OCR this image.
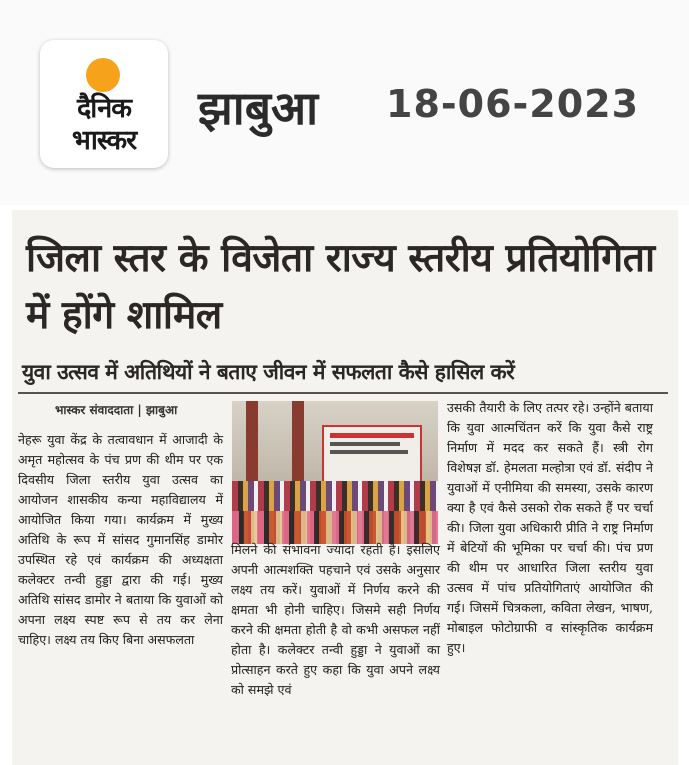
दैनिक
भास्कर
झाबुआ 18-06-2023
जिला स्तर के विजेता राज्य स्तरीय प्रतियोगिता में होंगे शामिल
युवा उत्सव में अतिथियों ने बताए जीवन में सफलता कैसे हासिल करें
भास्कर संवाददाता | झाबुआ
नेहरू युवा केंद्र के तत्वावधान में आजादी के अमृत महोत्सव के पंच प्रण की थीम पर एक दिवसीय जिला स्तरीय युवा उत्सव का आयोजन शासकीय कन्या महाविद्यालय में आयोजित किया गया। कार्यक्रम में मुख्य अतिथि के रूप में सांसद गुमानसिंह डामोर उपस्थित रहे एवं कार्यक्रम की अध्यक्षता कलेक्टर तन्वी हुड्डा द्वारा की गई। मुख्य अतिथि सांसद डामोर ने बताया कि युवाओं को अपना लक्ष्य स्पष्ट रूप से तय कर लेना चाहिए। लक्ष्य तय किए बिना असफलता
मिलने की संभावना ज्यादा रहती है। इसलिए अपनी आत्मशक्ति पहचाने एवं उसके अनुसार लक्ष्य तय करें। युवाओं में निर्णय करने की क्षमता भी होनी चाहिए। जिसमे सही निर्णय करने की क्षमता होती है वो कभी असफल नहीं होता है। कलेक्टर तन्वी हुड्डा ने युवाओं का प्रोत्साहन करते हुए कहा कि युवा अपने लक्ष्य को समझे एवं
उसकी तैयारी के लिए तत्पर रहे। उन्होंने बताया कि युवा आत्मचिंतन करें कि युवा कैसे राष्ट्र निर्माण में मदद कर सकते हैं। स्त्री रोग विशेषज्ञ डॉ. हेमलता मल्होत्रा एवं डॉ. संदीप ने युवाओं में एनीमिया की समस्या, उसके कारण क्या है एवं कैसे उसको रोक सकते हैं पर चर्चा की। जिला युवा अधिकारी प्रीति ने राष्ट्र निर्माण में बेटियों की भूमिका पर चर्चा की। पंच प्रण की थीम पर आधारित जिला स्तरीय युवा उत्सव में पांच प्रतियोगिताएं आयोजित की गई। जिसमें चित्रकला, कविता लेखन, भाषण, मोबाइल फोटोग्राफी व सांस्कृतिक कार्यक्रम हुए।
